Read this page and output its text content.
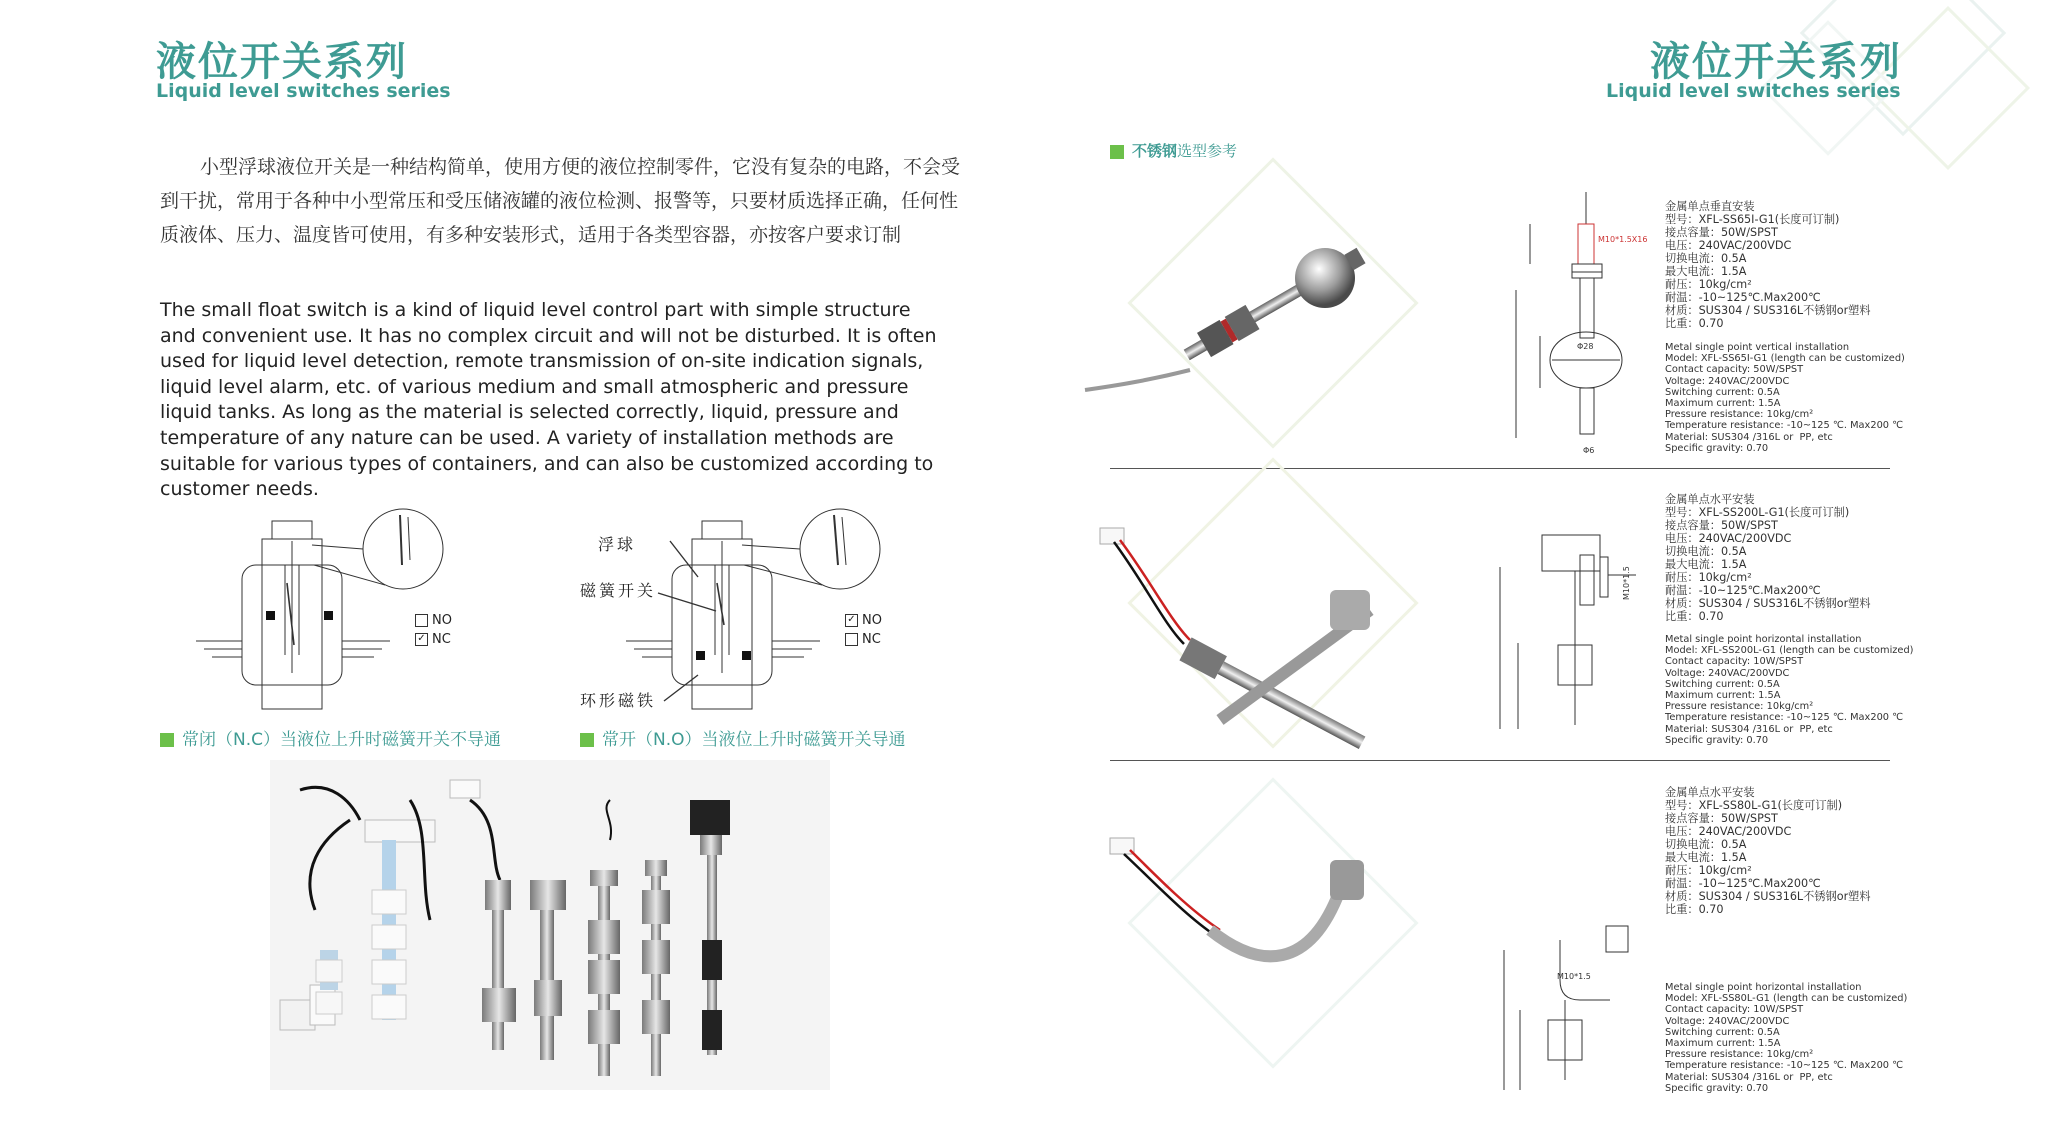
液位开关系列
Liquid level switches series
小型浮球液位开关是一种结构简单，使用方便的液位控制零件，它没有复杂的电路，不会受到干扰，常用于各种中小型常压和受压储液罐的液位检测、报警等，只要材质选择正确，任何性质液体、压力、温度皆可使用，有多种安装形式，适用于各类型容器，亦按客户要求订制
The small float switch is a kind of liquid level control part with simple structure and convenient use. It has no complex circuit and will not be disturbed. It is often used for liquid level detection, remote transmission of on-site indication signals, liquid level alarm, etc. of various medium and small atmospheric and pressure liquid tanks. As long as the material is selected correctly, liquid, pressure and temperature of any nature can be used. A variety of installation methods are suitable for various types of containers, and can also be customized according to customer needs.
NO
✓ NC
常闭（N.C）当液位上升时磁簧开关不导通
浮球
磁簧开关
环形磁铁
✓ NO
NC
常开（N.O）当液位上升时磁簧开关导通
液位开关系列
Liquid level switches series
不锈钢选型参考
M10*1.5X16
Φ28
Φ6
金属单点垂直安装
型号：XFL-SS65I-G1(长度可订制)
接点容量：50W/SPST
电压：240VAC/200VDC
切换电流：0.5A
最大电流：1.5A
耐压：10kg/cm²
耐温：-10~125℃.Max200℃
材质：SUS304 / SUS316L不锈钢or塑料
比重：0.70
Metal single point vertical installation
Model: XFL-SS65I-G1 (length can be customized)
Contact capacity: 50W/SPST
Voltage: 240VAC/200VDC
Switching current: 0.5A
Maximum current: 1.5A
Pressure resistance: 10kg/cm²
Temperature resistance: -10~125 ℃. Max200 ℃
Material: SUS304 /316L or  PP, etc
Specific gravity: 0.70
M10*1.5
金属单点水平安装
型号：XFL-SS200L-G1(长度可订制)
接点容量：50W/SPST
电压：240VAC/200VDC
切换电流：0.5A
最大电流：1.5A
耐压：10kg/cm²
耐温：-10~125℃.Max200℃
材质：SUS304 / SUS316L不锈钢or塑料
比重：0.70
Metal single point horizontal installation
Model: XFL-SS200L-G1 (length can be customized)
Contact capacity: 10W/SPST
Voltage: 240VAC/200VDC
Switching current: 0.5A
Maximum current: 1.5A
Pressure resistance: 10kg/cm²
Temperature resistance: -10~125 ℃. Max200 ℃
Material: SUS304 /316L or  PP, etc
Specific gravity: 0.70
M10*1.5
金属单点水平安装
型号：XFL-SS80L-G1(长度可订制)
接点容量：50W/SPST
电压：240VAC/200VDC
切换电流：0.5A
最大电流：1.5A
耐压：10kg/cm²
耐温：-10~125℃.Max200℃
材质：SUS304 / SUS316L不锈钢or塑料
比重：0.70
Metal single point horizontal installation
Model: XFL-SS80L-G1 (length can be customized)
Contact capacity: 10W/SPST
Voltage: 240VAC/200VDC
Switching current: 0.5A
Maximum current: 1.5A
Pressure resistance: 10kg/cm²
Temperature resistance: -10~125 ℃. Max200 ℃
Material: SUS304 /316L or  PP, etc
Specific gravity: 0.70
